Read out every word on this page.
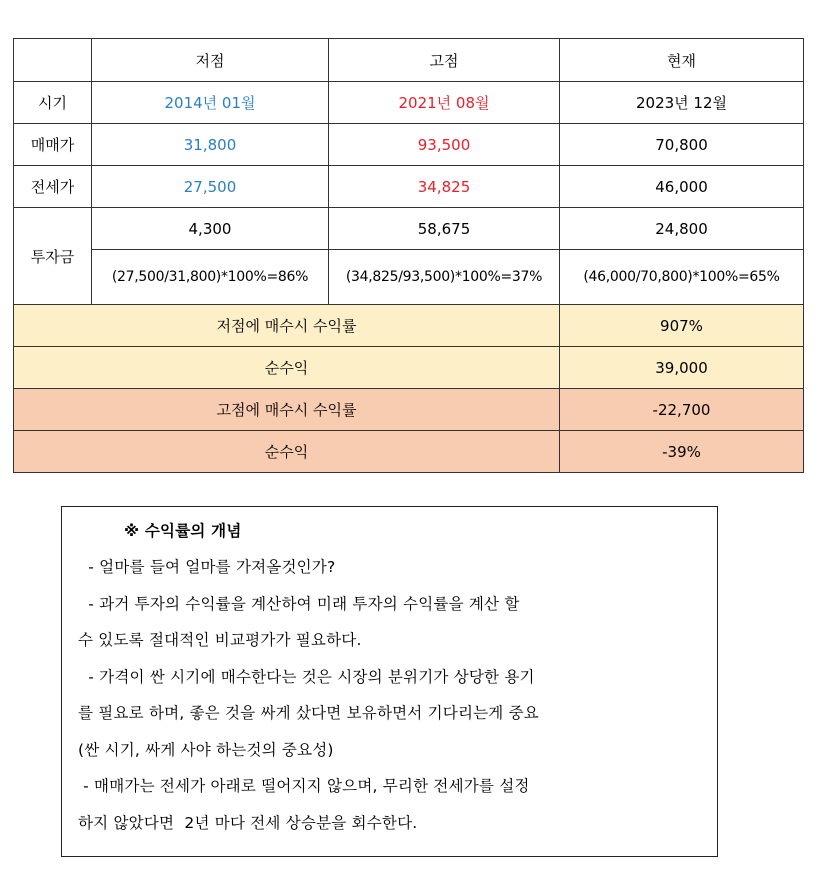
	저점	고점	현재
시기	2014년 01월	2021년 08월	2023년 12월
매매가	31,800	93,500	70,800
전세가	27,500	34,825	46,000
투자금	4,300	58,675	24,800
	(27,500/31,800)*100%=86%	(34,825/93,500)*100%=37%	(46,000/70,800)*100%=65%
저점에 매수시 수익률			907%
순수익			39,000
고점에 매수시 수익률			-22,700
순수익			-39%
※ 수익률의 개념
- 얼마를 들여 얼마를 가져올것인가?
- 과거 투자의 수익률을 계산하여 미래 투자의 수익률을 계산 할
수 있도록 절대적인 비교평가가 필요하다.
- 가격이 싼 시기에 매수한다는 것은 시장의 분위기가 상당한 용기
를 필요로 하며, 좋은 것을 싸게 샀다면 보유하면서 기다리는게 중요
(싼 시기, 싸게 사야 하는것의 중요성)
- 매매가는 전세가 아래로 떨어지지 않으며, 무리한 전세가를 설정
하지 않았다면  2년 마다 전세 상승분을 회수한다.
